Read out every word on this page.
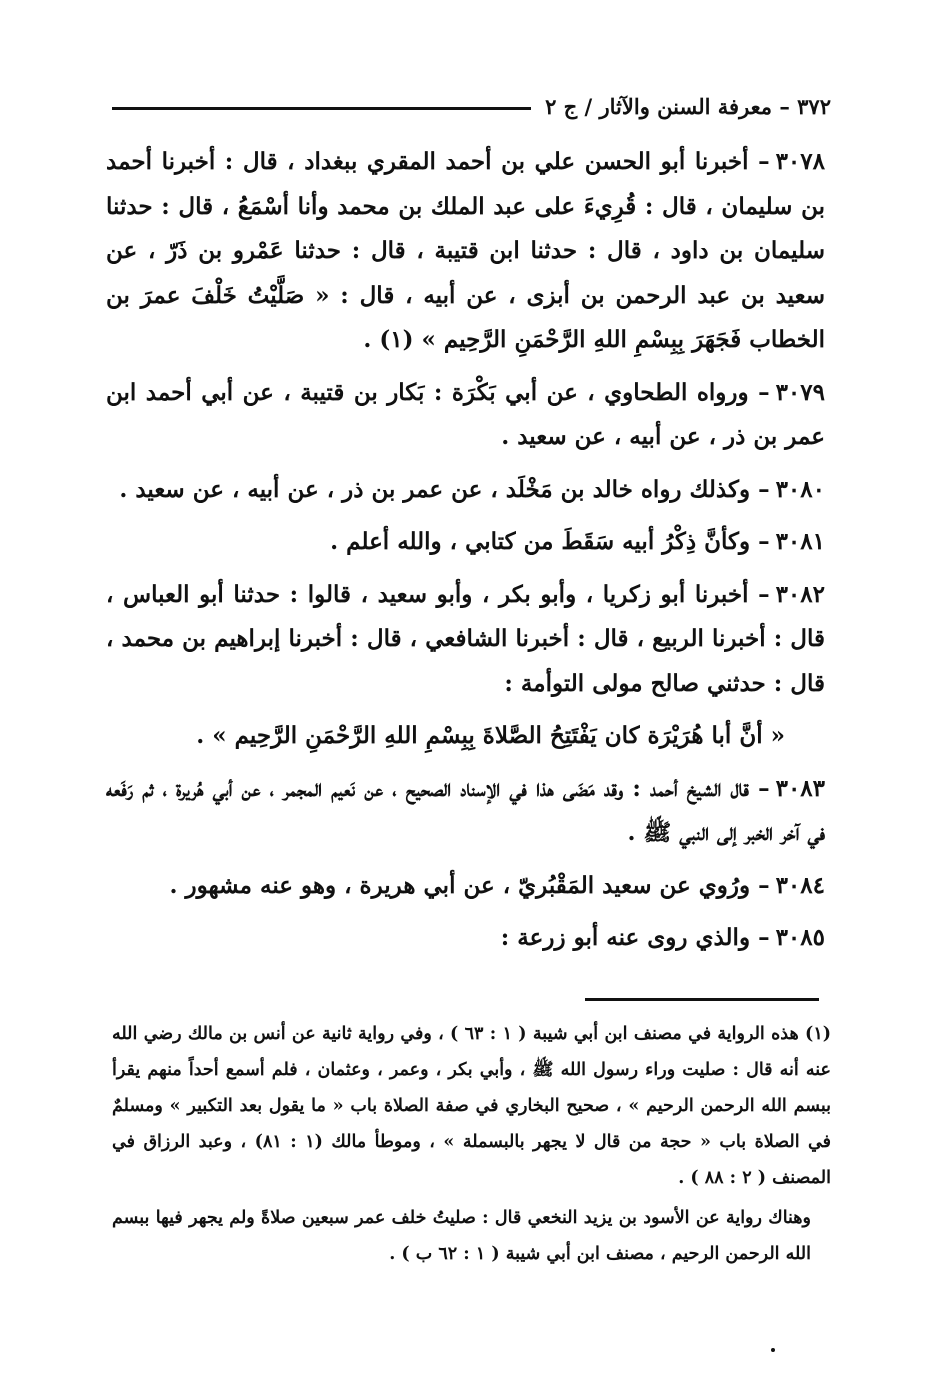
٣٧٢ – معرفة السنن والآثار / ج ٢

٣٠٧٨– أخبرنا أبو الحسن علي بن أحمد المقري ببغداد ، قال : أخبرنا أحمد بن سليمان ، قال : قُرِيءَ على عبد الملك بن محمد وأنا أسْمَعُ ، قال : حدثنا سليمان بن داود ، قال : حدثنا ابن قتيبة ، قال : حدثنا عَمْرو بن ذَرّ ، عن سعيد بن عبد الرحمن بن أبزى ، عن أبيه ، قال : « صَلَّيْتُ خَلْفَ عمرَ بن الخطاب فَجَهَرَ بِبِسْمِ اللهِ الرَّحْمَنِ الرَّحِيم » (١) .

٣٠٧٩– ورواه الطحاوي ، عن أبي بَكْرَة : بَكار بن قتيبة ، عن أبي أحمد ابن عمر بن ذر ، عن أبيه ، عن سعيد .

٣٠٨٠– وكذلك رواه خالد بن مَخْلَد ، عن عمر بن ذر ، عن أبيه ، عن سعيد .

٣٠٨١– وكأنَّ ذِكْرُ أبيه سَقَطَ من كتابي ، والله أعلم .

٣٠٨٢– أخبرنا أبو زكريا ، وأبو بكر ، وأبو سعيد ، قالوا : حدثنا أبو العباس ، قال : أخبرنا الربيع ، قال : أخبرنا الشافعي ، قال : أخبرنا إبراهيم بن محمد ، قال : حدثني صالح مولى التوأمة :

« أنَّ أبا هُرَيْرَة كان يَفْتَتِحُ الصَّلاةَ بِبِسْمِ اللهِ الرَّحْمَنِ الرَّحِيم » .

٣٠٨٣– قال الشيخ أحمد : وقد مَضَى هذا في الإسناد الصحيح ، عن نَعيم المجمر ، عن أبي هُريرة ، ثم رَفَعه في آخر الخبر إلى النبي ﷺ .

٣٠٨٤– ورُوي عن سعيد المَقْبُريّ ، عن أبي هريرة ، وهو عنه مشهور .

٣٠٨٥– والذي روى عنه أبو زرعة :

(١) هذه الرواية في مصنف ابن أبي شيبة ( ١ : ٦٣ ) ، وفي رواية ثانية عن أنس بن مالك رضي الله عنه أنه قال : صليت وراء رسول الله ﷺ ، وأبي بكر ، وعمر ، وعثمان ، فلم أسمع أحداً منهم يقرأ ببسم الله الرحمن الرحيم » ، صحيح البخاري في صفة الصلاة باب « ما يقول بعد التكبير » ومسلمٌ في الصلاة باب « حجة من قال لا يجهر بالبسملة » ، وموطأ مالك (١ : ٨١) ، وعبد الرزاق في المصنف ( ٢ : ٨٨ ) .

وهناك رواية عن الأسود بن يزيد النخعي قال : صليتُ خلف عمر سبعين صلاةً ولم يجهر فيها ببسم الله الرحمن الرحيم ، مصنف ابن أبي شيبة ( ١ : ٦٢ ب ) .
